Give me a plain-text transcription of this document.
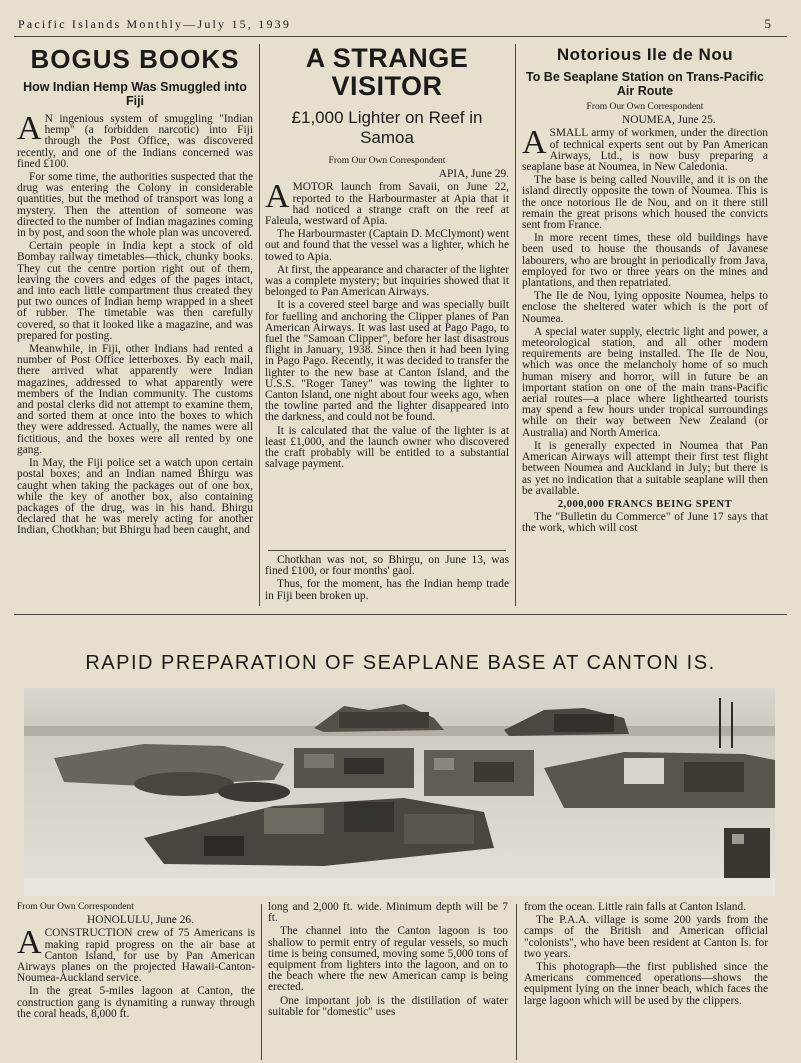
Pacific Islands Monthly—July 15, 1939	5
BOGUS BOOKS
How Indian Hemp Was Smuggled into Fiji

A N ingenious system of smuggling "Indian hemp" (a forbidden narcotic) into Fiji through the Post Office, was discovered recently, and one of the Indians concerned was fined £100.

For some time, the authorities suspected that the drug was entering the Colony in considerable quantities, but the method of transport was long a mystery. Then the attention of someone was directed to the number of Indian magazines coming in by post, and soon the whole plan was uncovered.

Certain people in India kept a stock of old Bombay railway timetables—thick, chunky books. They cut the centre portion right out of them, leaving the covers and edges of the pages intact, and into each little compartment thus created they put two ounces of Indian hemp wrapped in a sheet of rubber. The timetable was then carefully covered, so that it looked like a magazine, and was prepared for posting.

Meanwhile, in Fiji, other Indians had rented a number of Post Office letterboxes. By each mail, there arrived what apparently were Indian magazines, addressed to what apparently were members of the Indian community. The customs and postal clerks did not attempt to examine them, and sorted them at once into the boxes to which they were addressed. Actually, the names were all fictitious, and the boxes were all rented by one gang.

In May, the Fiji police set a watch upon certain postal boxes; and an Indian named Bhirgu was caught when taking the packages out of one box, while the key of another box, also containing packages of the drug, was in his hand. Bhirgu declared that he was merely acting for another Indian, Chotkhan; but Bhirgu had been caught, and

A STRANGE VISITOR
£1,000 Lighter on Reef in Samoa

From Our Own Correspondent

APIA, June 29.

AMOTOR launch from Savaii, on June 22, reported to the Harbourmaster at Apia that it had noticed a strange craft on the reef at Faleula, westward of Apia.

The Harbourmaster (Captain D. McClymont) went out and found that the vessel was a lighter, which he towed to Apia.

At first, the appearance and character of the lighter was a complete mystery; but inquiries showed that it belonged to Pan American Airways.

It is a covered steel barge and was specially built for fuelling and anchoring the Clipper planes of Pan American Airways. It was last used at Pago Pago, to fuel the "Samoan Clipper", before her last disastrous flight in January, 1938. Since then it had been lying in Pago Pago. Recently, it was decided to transfer the lighter to the new base at Canton Island, and the U.S.S. "Roger Taney" was towing the lighter to Canton Island, one night about four weeks ago, when the towline parted and the lighter disappeared into the darkness, and could not be found.

It is calculated that the value of the lighter is at least £1,000, and the launch owner who discovered the craft probably will be entitled to a substantial salvage payment.

Chotkhan was not, so Bhirgu, on June 13, was fined £100, or four months' gaol.

Thus, for the moment, has the Indian hemp trade in Fiji been broken up.

Notorious Ile de Nou
To Be Seaplane Station on Trans-Pacific Air Route

From Our Own Correspondent

NOUMEA, June 25.

ASMALL army of workmen, under the direction of technical experts sent out by Pan American Airways, Ltd., is now busy preparing a seaplane base at Noumea, in New Caledonia.

The base is being called Nouville, and it is on the island directly opposite the town of Noumea. This is the once notorious Ile de Nou, and on it there still remain the great prisons which housed the convicts sent from France.

In more recent times, these old buildings have been used to house the thousands of Javanese labourers, who are brought in periodically from Java, employed for two or three years on the mines and plantations, and then repatriated.

The Ile de Nou, lying opposite Noumea, helps to enclose the sheltered water which is the port of Noumea.

A special water supply, electric light and power, a meteorological station, and all other modern requirements are being installed. The Ile de Nou, which was once the melancholy home of so much human misery and horror, will in future be an important station on one of the main trans-Pacific aerial routes—a place where lighthearted tourists may spend a few hours under tropical surroundings while on their way between New Zealand (or Australia) and North America.

It is generally expected in Noumea that Pan American Airways will attempt their first test flight between Noumea and Auckland in July; but there is as yet no indication that a suitable seaplane will then be available.

2,000,000 FRANCS BEING SPENT

The "Bulletin du Commerce" of June 17 says that the work, which will cost

RAPID PREPARATION OF SEAPLANE BASE AT CANTON IS.

From Our Own Correspondent

HONOLULU, June 26.

ACONSTRUCTION crew of 75 Americans is making rapid progress on the air base at Canton Island, for use by Pan American Airways planes on the projected Hawaii-Canton-Noumea-Auckland service.

In the great 5-miles lagoon at Canton, the construction gang is dynamiting a runway through the coral heads, 8,000 ft.

long and 2,000 ft. wide. Minimum depth will be 7 ft.

The channel into the Canton lagoon is too shallow to permit entry of regular vessels, so much time is being consumed, moving some 5,000 tons of equipment from lighters into the lagoon, and on to the beach where the new American camp is being erected.

One important job is the distillation of water suitable for "domestic" uses

from the ocean. Little rain falls at Canton Island.

The P.A.A. village is some 200 yards from the camps of the British and American official "colonists", who have been resident at Canton Is. for two years.

This photograph—the first published since the Americans commenced operations—shows the equipment lying on the inner beach, which faces the large lagoon which will be used by the clippers.
